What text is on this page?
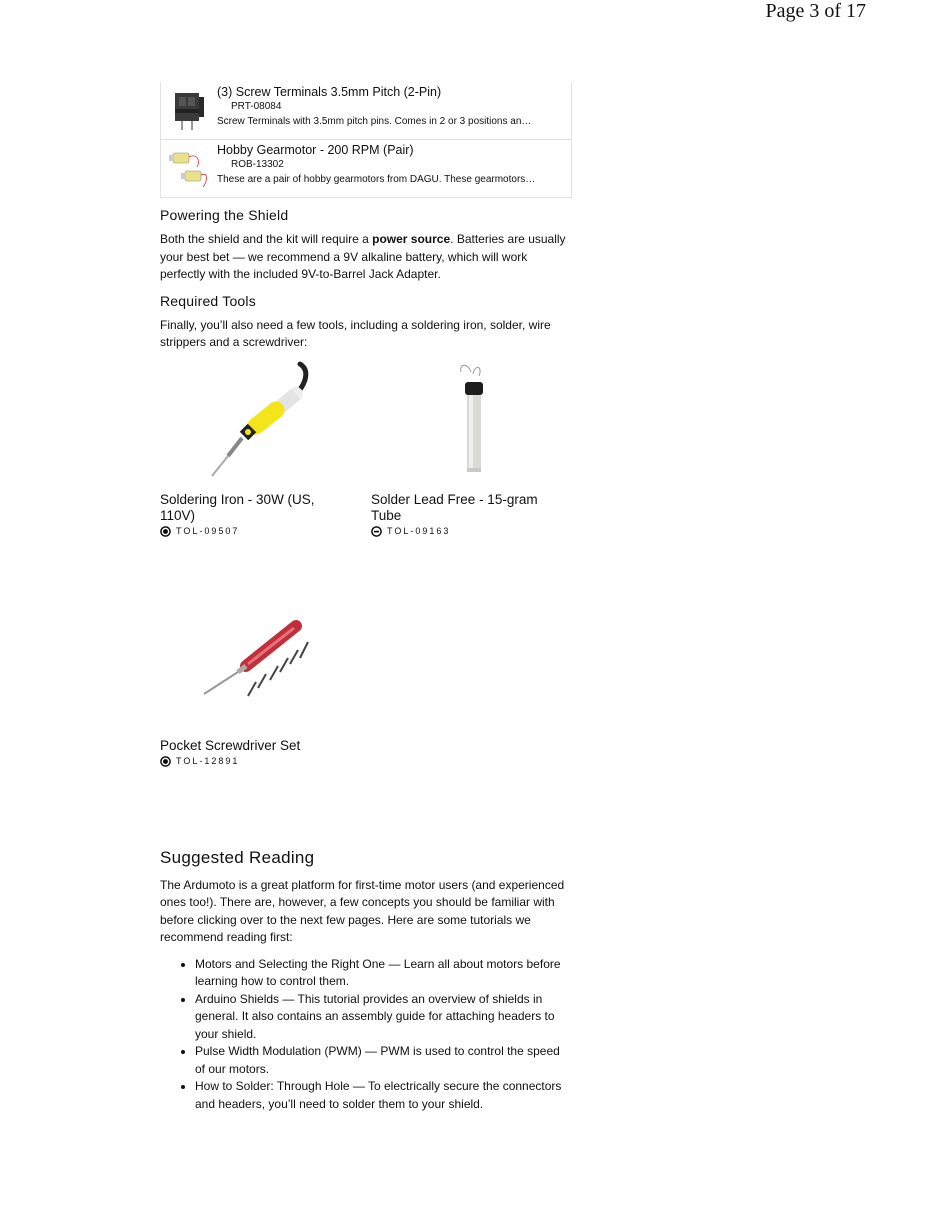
Page 3 of 17
(3) Screw Terminals 3.5mm Pitch (2-Pin)
PRT-08084
Screw Terminals with 3.5mm pitch pins. Comes in 2 or 3 positions an…
Hobby Gearmotor - 200 RPM (Pair)
ROB-13302
These are a pair of hobby gearmotors from DAGU. These gearmotors…
Powering the Shield

Both the shield and the kit will require a power source. Batteries are usually your best bet — we recommend a 9V alkaline battery, which will work perfectly with the included 9V-to-Barrel Jack Adapter.

Required Tools

Finally, you’ll also need a few tools, including a soldering iron, solder, wire strippers and a screwdriver:

Soldering Iron - 30W (US, 110V)
TOL-09507
Solder Lead Free - 15-gram Tube
TOL-09163
Pocket Screwdriver Set
TOL-12891
Suggested Reading

The Ardumoto is a great platform for first-time motor users (and experienced ones too!). There are, however, a few concepts you should be familiar with before clicking over to the next few pages. Here are some tutorials we recommend reading first:

• Motors and Selecting the Right One — Learn all about motors before learning how to control them.
• Arduino Shields — This tutorial provides an overview of shields in general. It also contains an assembly guide for attaching headers to your shield.
• Pulse Width Modulation (PWM) — PWM is used to control the speed of our motors.
• How to Solder: Through Hole — To electrically secure the connectors and headers, you’ll need to solder them to your shield.
